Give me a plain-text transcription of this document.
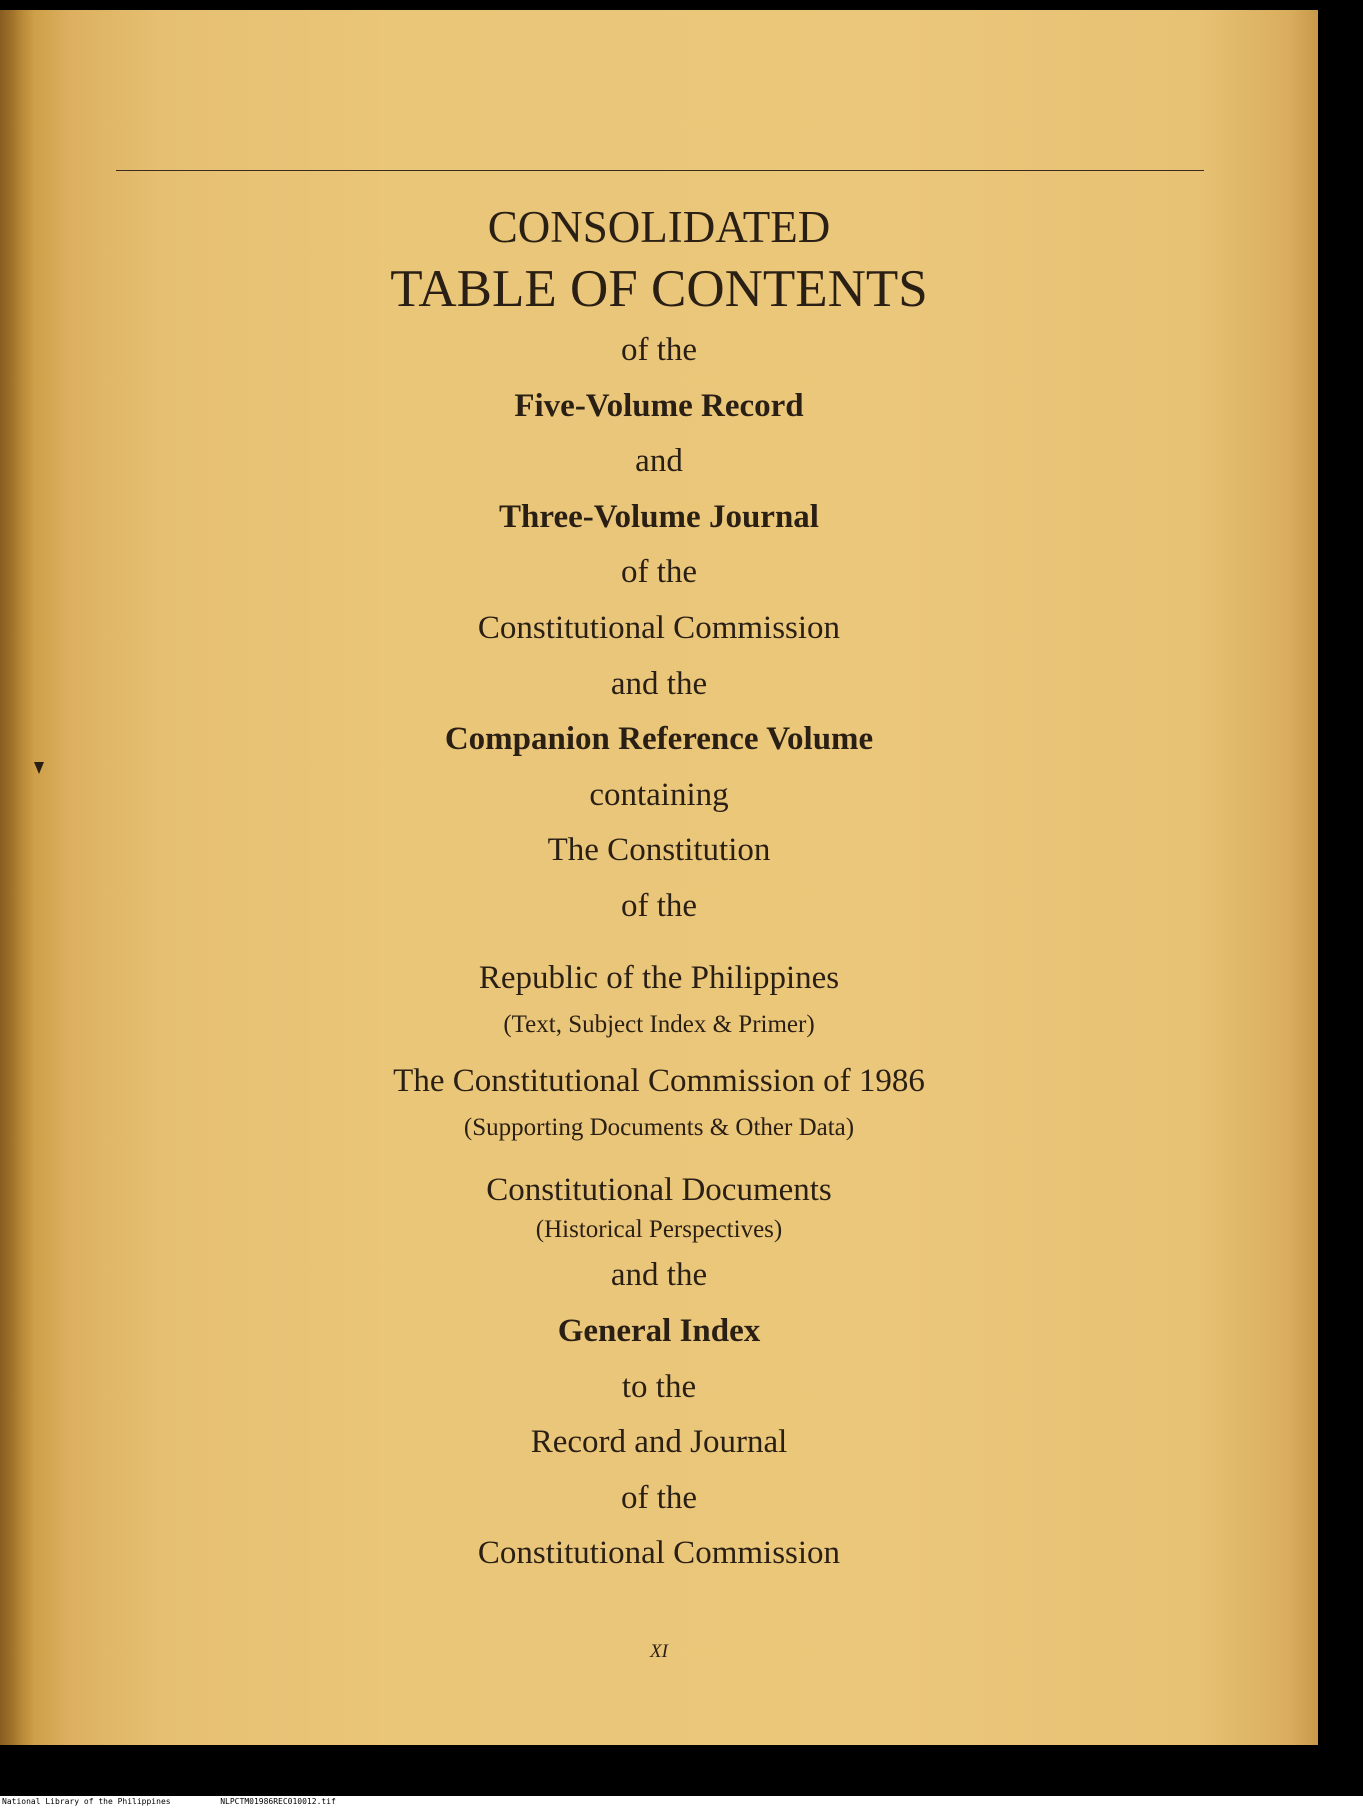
CONSOLIDATED
TABLE OF CONTENTS
of the
Five-Volume Record
and
Three-Volume Journal
of the
Constitutional Commission
and the
Companion Reference Volume
containing
The Constitution
of the
Republic of the Philippines
(Text, Subject Index & Primer)
The Constitutional Commission of 1986
(Supporting Documents & Other Data)
Constitutional Documents
(Historical Perspectives)
and the
General Index
to the
Record and Journal
of the
Constitutional Commission
XI
National Library of the Philippines	NLPCTM01986REC010012.tif
